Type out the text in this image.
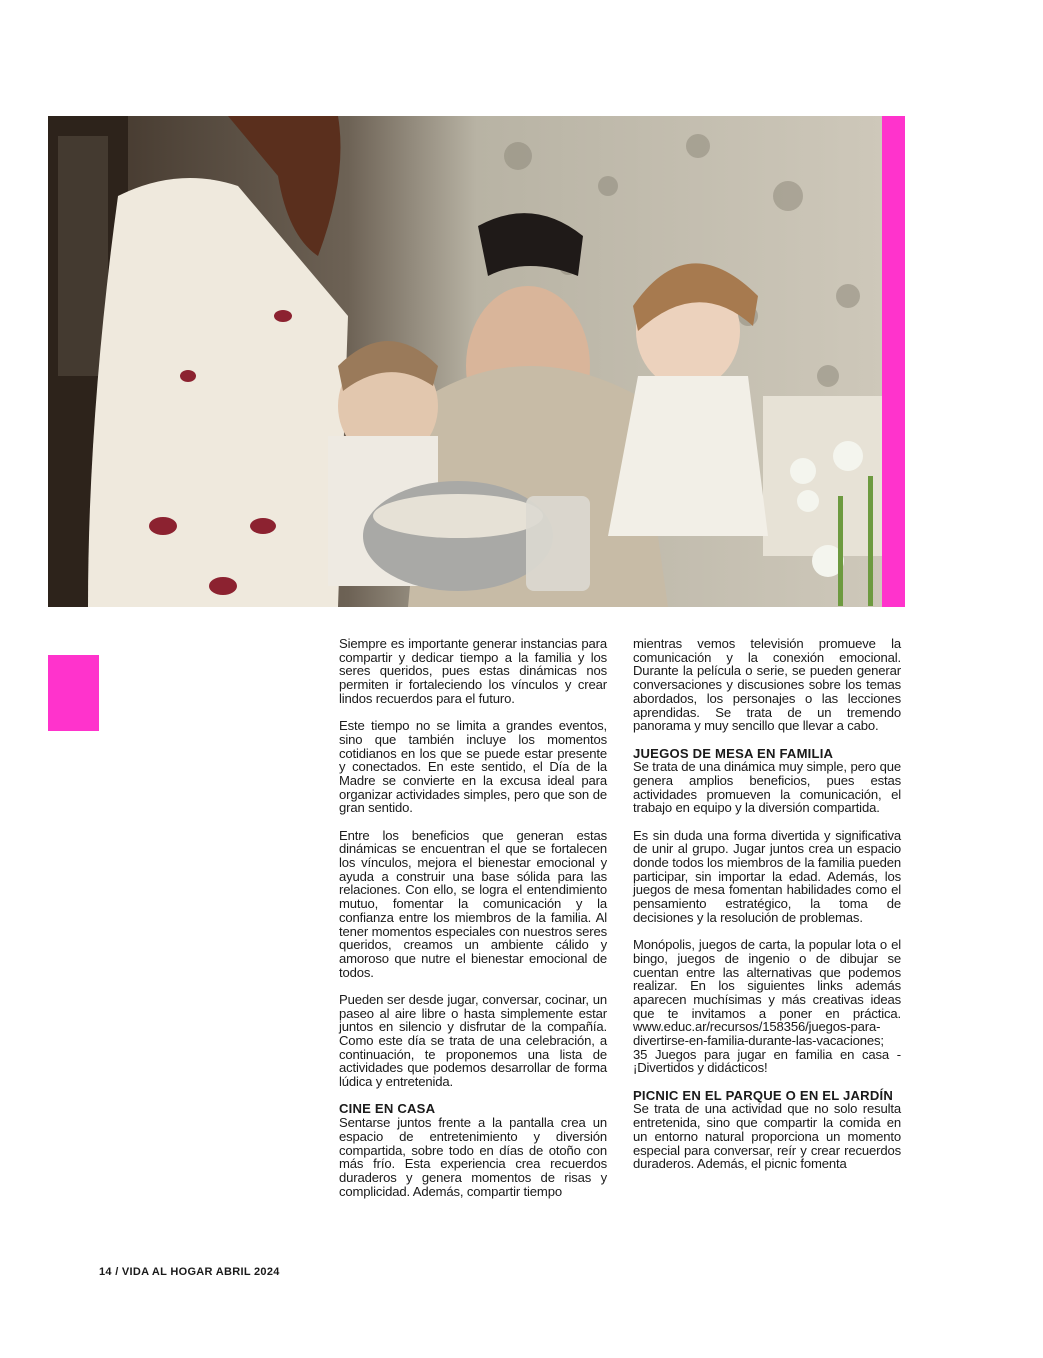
Siempre es importante generar instancias para compartir y dedicar tiempo a la familia y los seres queridos, pues estas dinámicas nos permiten ir fortaleciendo los vínculos y crear lindos recuerdos para el futuro.

Este tiempo no se limita a grandes eventos, sino que también incluye los momentos cotidianos en los que se puede estar presente y conectados. En este sentido, el Día de la Madre se convierte en la excusa ideal para organizar actividades simples, pero que son de gran sentido.

Entre los beneficios que generan estas dinámicas se encuentran el que se fortalecen los vínculos, mejora el bienestar emocional y ayuda a construir una base sólida para las relaciones. Con ello, se logra el entendimiento mutuo, fomentar la comunicación y la confianza entre los miembros de la familia. Al tener momentos especiales con nuestros seres queridos, creamos un ambiente cálido y amoroso que nutre el bienestar emocional de todos.

Pueden ser desde jugar, conversar, cocinar, un paseo al aire libre o hasta simplemente estar juntos en silencio y disfrutar de la compañía. Como este día se trata de una celebración, a continuación, te proponemos una lista de actividades que podemos desarrollar de forma lúdica y entretenida.

CINE EN CASA

Sentarse juntos frente a la pantalla crea un espacio de entretenimiento y diversión compartida, sobre todo en días de otoño con más frío. Esta experiencia crea recuerdos duraderos y genera momentos de risas y complicidad. Además, compartir tiempo

mientras vemos televisión promueve la comunicación y la conexión emocional. Durante la película o serie, se pueden generar conversaciones y discusiones sobre los temas abordados, los personajes o las lecciones aprendidas. Se trata de un tremendo panorama y muy sencillo que llevar a cabo.

JUEGOS DE MESA EN FAMILIA

Se trata de una dinámica muy simple, pero que genera amplios beneficios, pues estas actividades promueven la comunicación, el trabajo en equipo y la diversión compartida.

Es sin duda una forma divertida y significativa de unir al grupo. Jugar juntos crea un espacio donde todos los miembros de la familia pueden participar, sin importar la edad. Además, los juegos de mesa fomentan habilidades como el pensamiento estratégico, la toma de decisiones y la resolución de problemas.

Monópolis, juegos de carta, la popular lota o el bingo, juegos de ingenio o de dibujar se cuentan entre las alternativas que podemos realizar. En los siguientes links además aparecen muchísimas y más creativas ideas que te invitamos a poner en práctica. www.educ.ar/recursos/158356/juegos-para-divertirse-en-familia-durante-las-vacaciones; 35 Juegos para jugar en familia en casa - ¡Divertidos y didácticos!

PICNIC EN EL PARQUE O EN EL JARDÍN

Se trata de una actividad que no solo resulta entretenida, sino que compartir la comida en un entorno natural proporciona un momento especial para conversar, reír y crear recuerdos duraderos. Además, el picnic fomenta

14 / VIDA AL HOGAR ABRIL 2024
